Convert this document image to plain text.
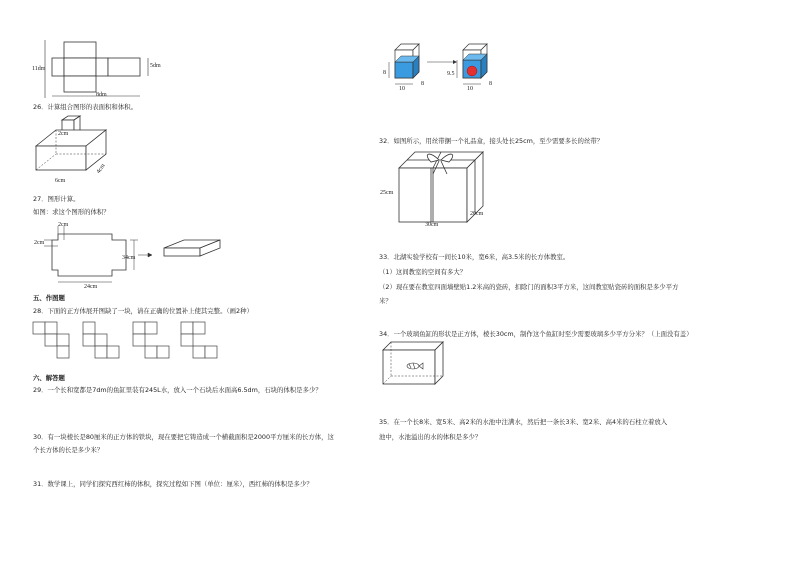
11dm	5dm
8dm
26．计算组合图形的表面积和体积。
2cm
6cm
4cm
27．图形计算。
如图：求这个图形的体积？
2cm
2cm
34cm
24cm
五、作图题
28．下面的正方体展开图缺了一块，请在正确的位置补上使其完整。（画2种）
六、解答题
29．一个长和宽都是7dm的鱼缸里装有245L水，放入一个石块后水面高6.5dm，石块的体积是多少？
30．有一块棱长是80厘米的正方体的铁块，现在要把它铸造成一个横截面积是2000平方厘米的长方体，这
个长方体的长是多少米？
31．数学课上，同学们探究西红柿的体积，探究过程如下图（单位：厘米），西红柿的体积是多少？
8
10
8
9.5
10
8
32．如图所示，用丝带捆一个礼品盒，接头处长25cm，至少需要多长的丝带？
25cm
30cm
20cm
33．北湖实验学校有一间长10米，宽6米，高3.5米的长方体教室。
（1）这间教室的空间有多大？
（2）现在要在教室四面墙壁贴1.2米高的瓷砖，扣除门的面积3平方米，这间教室贴瓷砖的面积是多少平方
米？
34．一个玻璃鱼缸的形状是正方体，棱长30cm，制作这个鱼缸时至少需要玻璃多少平方分米？（上面没有盖）
35．在一个长8米、宽5米、高2米的水池中注满水，然后把一条长3米、宽2米、高4米的石柱立着放入
池中，水池溢出的水的体积是多少？
